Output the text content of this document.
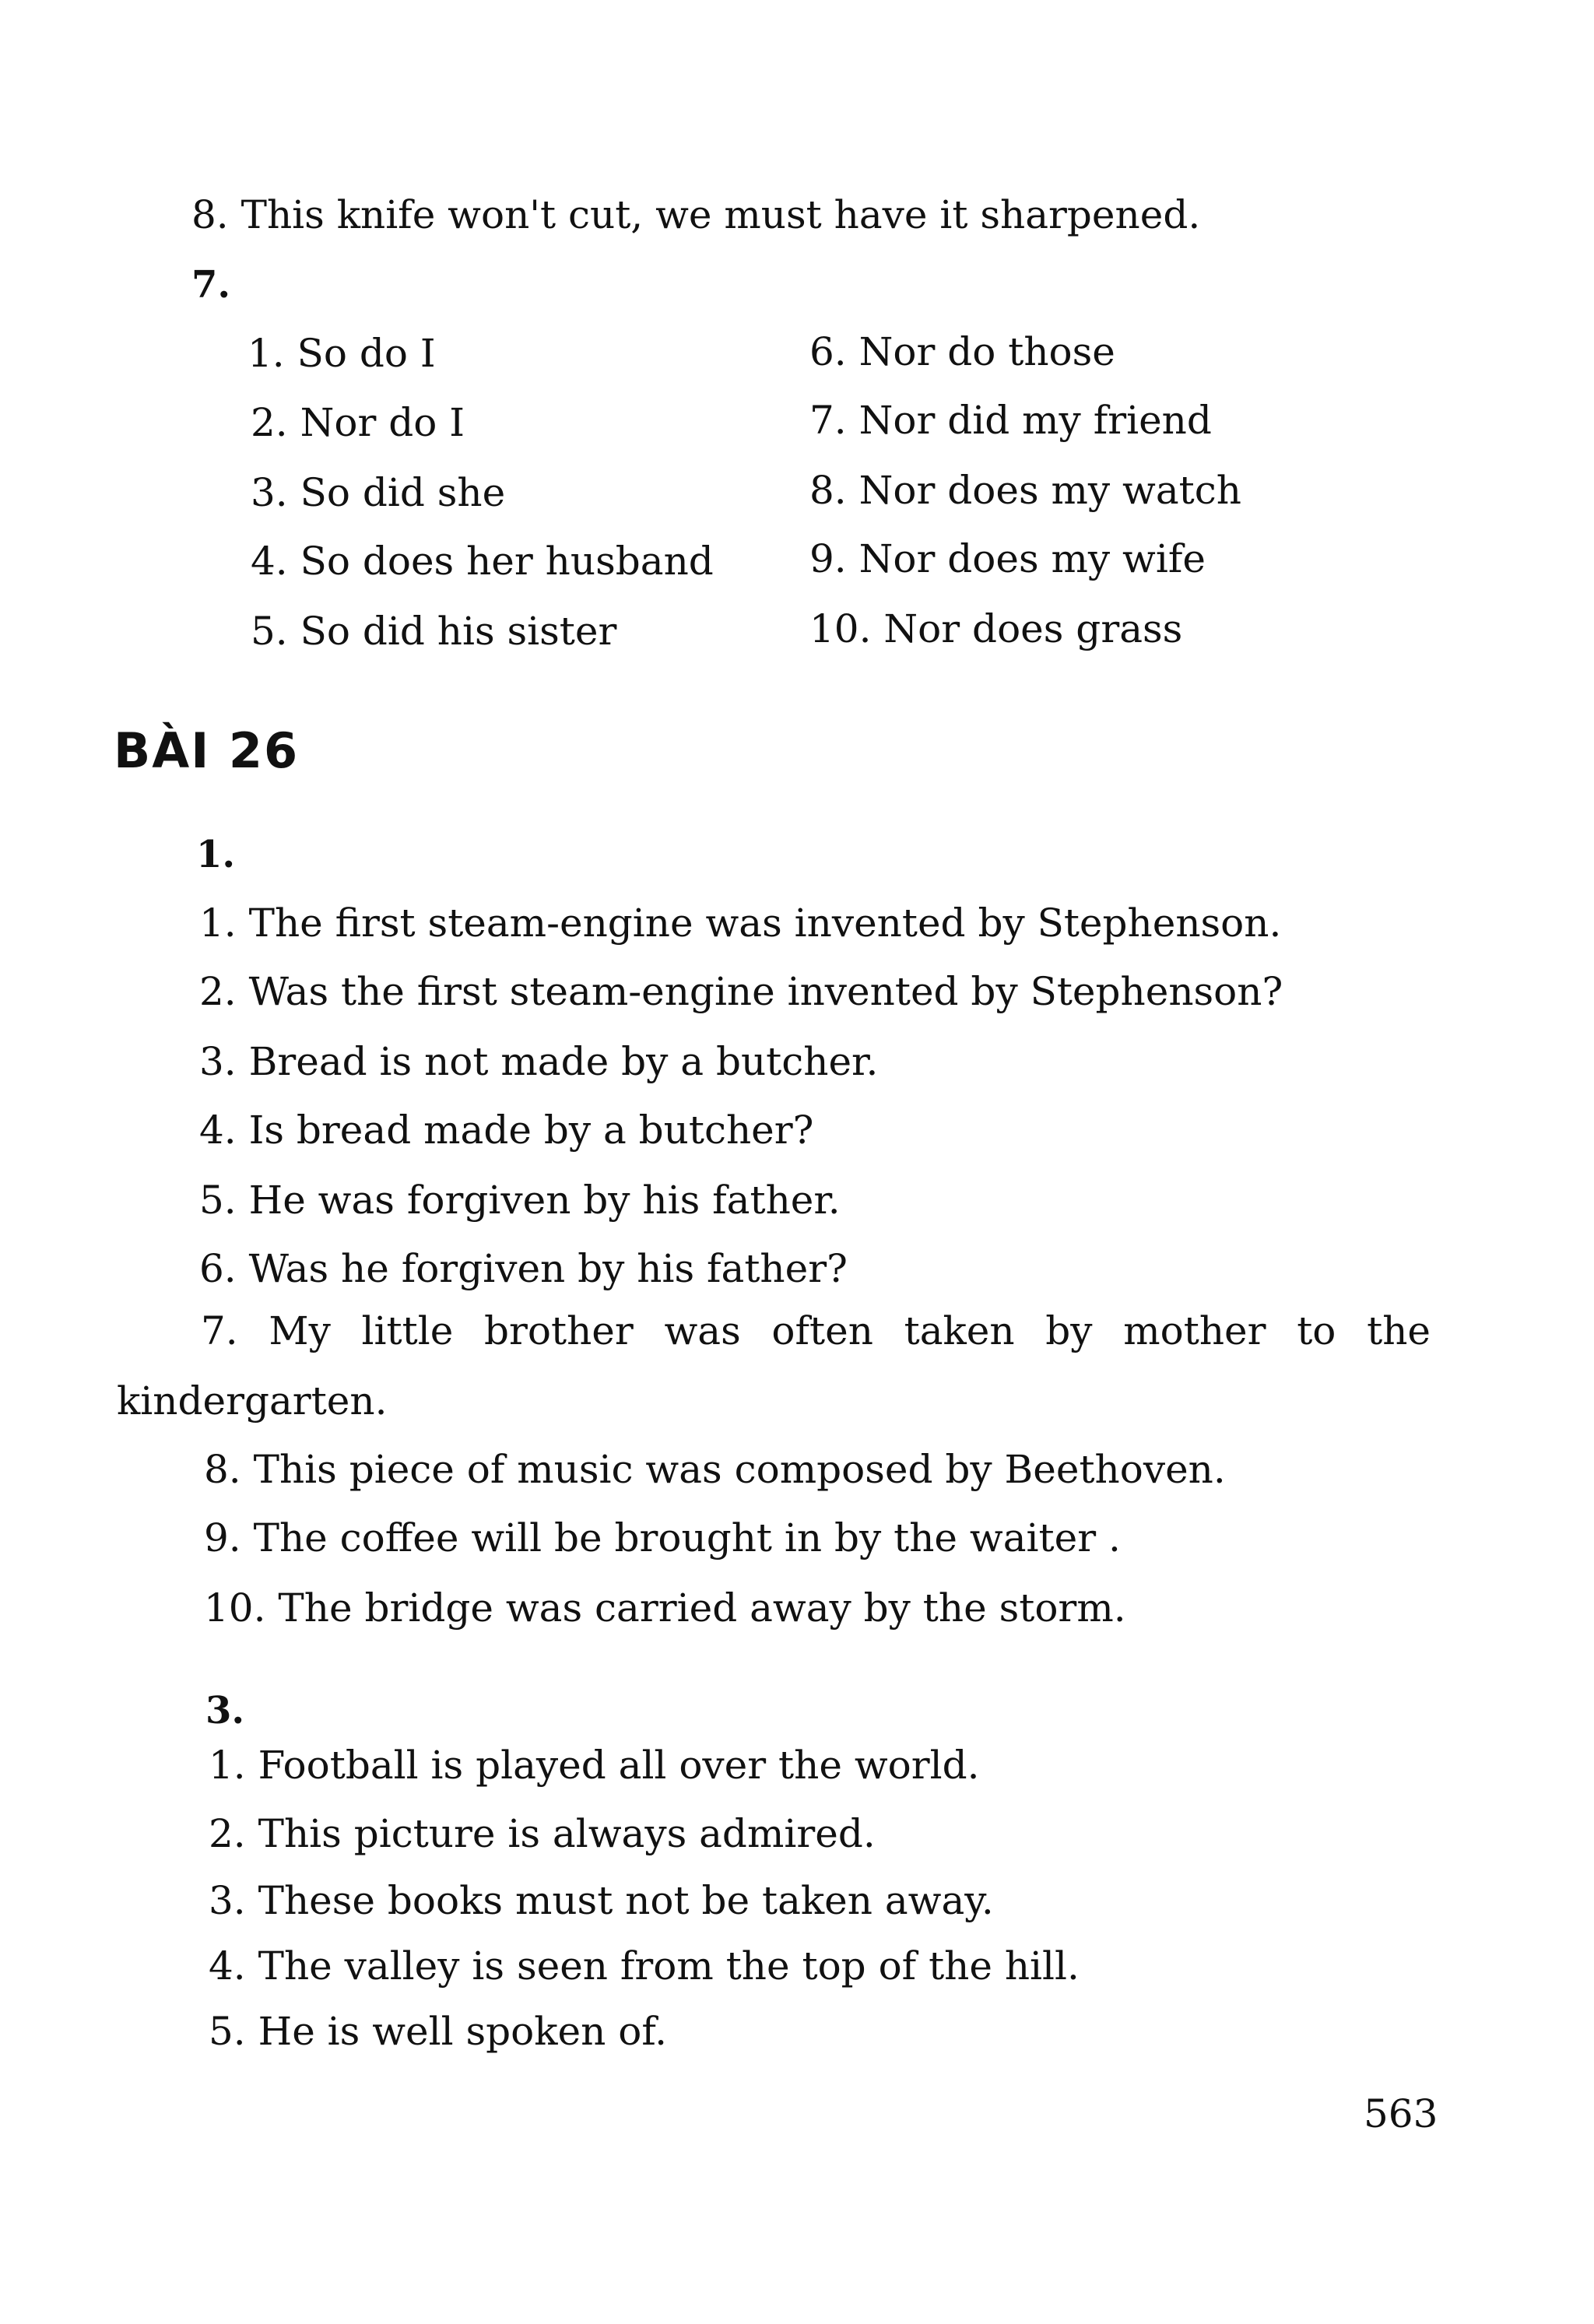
8. This knife won't cut, we must have it sharpened.
7.
1. So do I
2. Nor do I
3. So did she
4. So does her husband
5. So did his sister
6. Nor do those
7. Nor did my friend
8. Nor does my watch
9. Nor does my wife
10. Nor does grass
BÀI 26
1.
1. The first steam-engine was invented by Stephenson.
2. Was the first steam-engine invented by Stephenson?
3. Bread is not made by a butcher.
4. Is bread made by a butcher?
5. He was forgiven by his father.
6. Was he forgiven by his father?
7. My little brother was often taken by mother to the
kindergarten.
8. This piece of music was composed by Beethoven.
9. The coffee will be brought in by the waiter .
10. The bridge was carried away by the storm.
3.
1. Football is played all over the world.
2. This picture is always admired.
3. These books must not be taken away.
4. The valley is seen from the top of the hill.
5. He is well spoken of.
563
